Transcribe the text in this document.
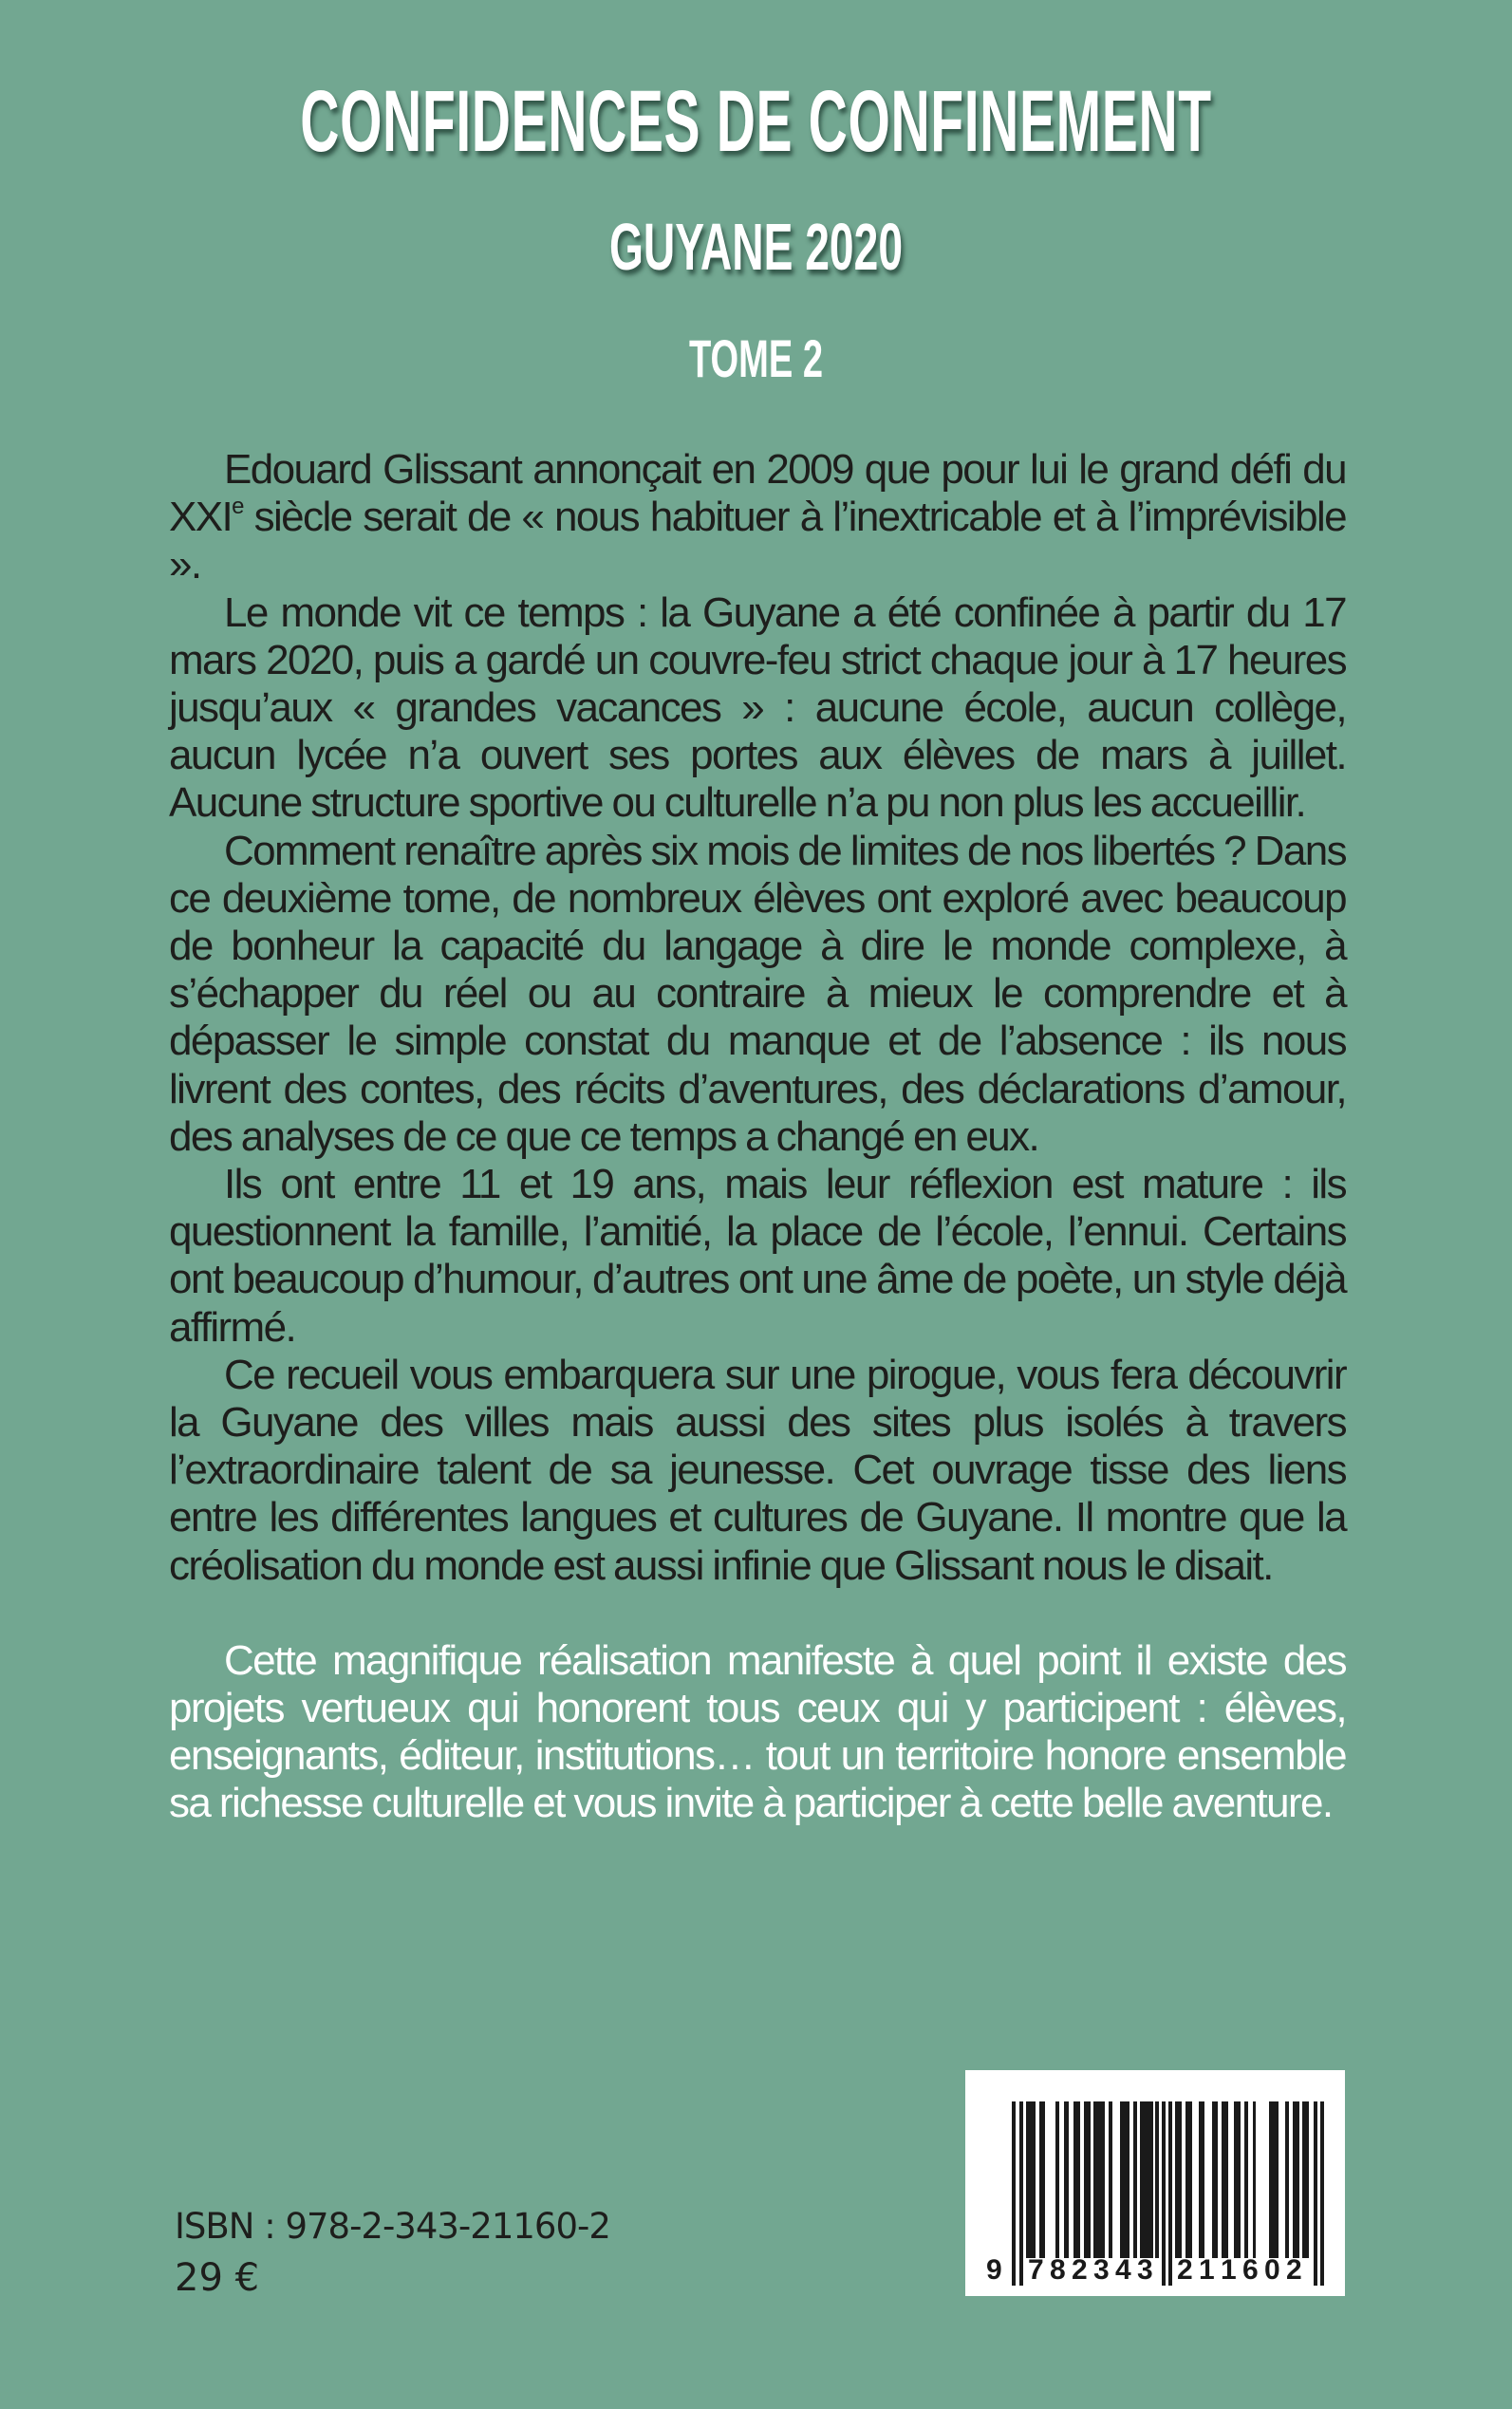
CONFIDENCES DE CONFINEMENT
GUYANE 2020
TOME 2

Edouard Glissant annonçait en 2009 que pour lui le grand défi du XXIe siècle serait de « nous habituer à l’inextricable et à l’imprévisible ».

Le monde vit ce temps : la Guyane a été confinée à partir du 17 mars 2020, puis a gardé un couvre-feu strict chaque jour à 17 heures jusqu’aux « grandes vacances » : aucune école, aucun collège, aucun lycée n’a ouvert ses portes aux élèves de mars à juillet. Aucune structure sportive ou culturelle n’a pu non plus les accueillir.

Comment renaître après six mois de limites de nos libertés ? Dans ce deuxième tome, de nombreux élèves ont exploré avec beaucoup de bonheur la capacité du langage à dire le monde complexe, à s’échapper du réel ou au contraire à mieux le comprendre et à dépasser le simple constat du manque et de l’absence : ils nous livrent des contes, des récits d’aventures, des déclarations d’amour, des analyses de ce que ce temps a changé en eux.

Ils ont entre 11 et 19 ans, mais leur réflexion est mature : ils questionnent la famille, l’amitié, la place de l’école, l’ennui. Certains ont beaucoup d’humour, d’autres ont une âme de poète, un style déjà affirmé.

Ce recueil vous embarquera sur une pirogue, vous fera découvrir la Guyane des villes mais aussi des sites plus isolés à travers l’extraordinaire talent de sa jeunesse. Cet ouvrage tisse des liens entre les différentes langues et cultures de Guyane. Il montre que la créolisation du monde est aussi infinie que Glissant nous le disait.

Cette magnifique réalisation manifeste à quel point il existe des projets vertueux qui honorent tous ceux qui y participent : élèves, enseignants, éditeur, institutions… tout un territoire honore ensemble sa richesse culturelle et vous invite à participer à cette belle aventure.

ISBN : 978-2-343-21160-2
29 €	9 7 8 2 3 4 3 2 1 1 6 0 2
